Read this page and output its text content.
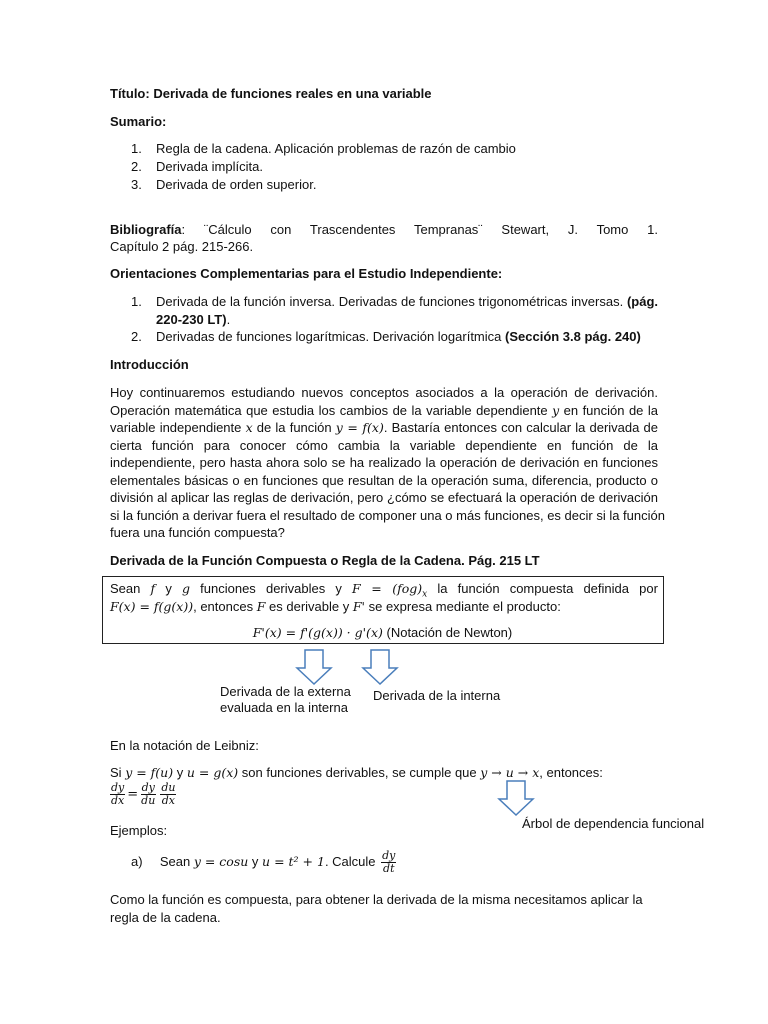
Título: Derivada de funciones reales en una variable
Sumario:
1. Regla de la cadena. Aplicación problemas de razón de cambio
2. Derivada implícita.
3. Derivada de orden superior.
Bibliografía: ¨Cálculo con Trascendentes Tempranas¨ Stewart, J. Tomo 1.
Capítulo 2 pág. 215-266.
Orientaciones Complementarias para el Estudio Independiente:
1. Derivada de la función inversa. Derivadas de funciones trigonométricas inversas. (pág.
220-230 LT).
2. Derivadas de funciones logarítmicas. Derivación logarítmica (Sección 3.8 pág. 240)
Introducción
Hoy continuaremos estudiando nuevos conceptos asociados a la operación de derivación.
Operación matemática que estudia los cambios de la variable dependiente y en función de la
variable independiente x de la función y = f(x). Bastaría entonces con calcular la derivada de
cierta función para conocer cómo cambia la variable dependiente en función de la
independiente, pero hasta ahora solo se ha realizado la operación de derivación en funciones
elementales básicas o en funciones que resultan de la operación suma, diferencia, producto o
división al aplicar las reglas de derivación, pero ¿cómo se efectuará la operación de derivación
si la función a derivar fuera el resultado de componer una o más funciones, es decir si la función
fuera una función compuesta?
Derivada de la Función Compuesta o Regla de la Cadena. Pág. 215 LT
Sean f y g funciones derivables y $F = (fog)_x$ la función compuesta definida por
F(x) = f(g(x)), entonces F es derivable y F' se expresa mediante el producto:
F'(x) = f'(g(x)) · g'(x) (Notación de Newton)
Derivada de la externa
evaluada en la interna
Derivada de la interna
En la notación de Leibniz:
Si y = f(u) y u = g(x) son funciones derivables, se cumple que y → u → x, entonces:
$\frac{dy}{dx} = \frac{dy}{du} \frac{du}{dx}$
Árbol de dependencia funcional
Ejemplos:
a) Sean y = cosu y u = t² + 1. Calcule $\frac{dy}{dt}$
Como la función es compuesta, para obtener la derivada de la misma necesitamos aplicar la
regla de la cadena.
